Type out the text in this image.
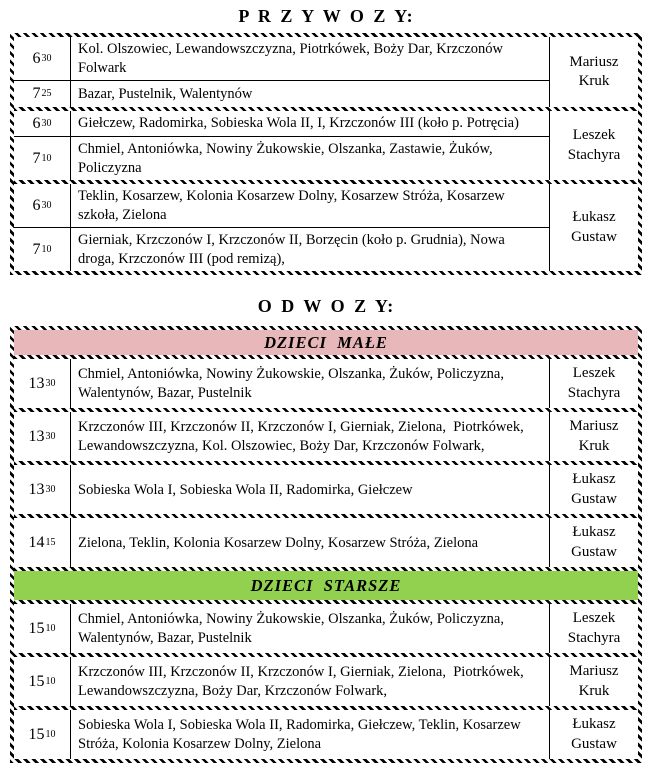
P R Z Y W O Z Y:
6 30
Kol. Olszowiec, Lewandowszczyzna, Piotrkówek, Boży Dar, Krzczonów Folwark	Mariusz Kruk
7 25 Bazar, Pustelnik, Walentynów
6 30 Giełczew, Radomirka, Sobieska Wola II, I, Krzczonów III (koło p. Potręcia)
Leszek Stachyra
7 10
Chmiel, Antoniówka, Nowiny Żukowskie, Olszanka, Zastawie, Żuków, Policzyzna
6 30
Teklin, Kosarzew, Kolonia Kosarzew Dolny, Kosarzew Stróża, Kosarzew szkoła, Zielona	Łukasz Gustaw
7 10
Gierniak, Krzczonów I, Krzczonów II, Borzęcin (koło p. Grudnia), Nowa droga, Krzczonów III (pod remizą),
O D W O Z Y:
DZIECI  MAŁE
13 30
Chmiel, Antoniówka, Nowiny Żukowskie, Olszanka, Żuków, Policzyzna, Walentynów, Bazar, Pustelnik
Leszek Stachyra
13 30
Krzczonów III, Krzczonów II, Krzczonów I, Gierniak, Zielona,  Piotrkówek, Lewandowszczyzna, Kol. Olszowiec, Boży Dar, Krzczonów Folwark,
Mariusz Kruk
13 30 Sobieska Wola I, Sobieska Wola II, Radomirka, Giełczew
Łukasz Gustaw
14 15 Zielona, Teklin, Kolonia Kosarzew Dolny, Kosarzew Stróża, Zielona
Łukasz Gustaw
DZIECI  STARSZE
15 10
Chmiel, Antoniówka, Nowiny Żukowskie, Olszanka, Żuków, Policzyzna, Walentynów, Bazar, Pustelnik
Leszek Stachyra
15 10
Krzczonów III, Krzczonów II, Krzczonów I, Gierniak, Zielona,  Piotrkówek, Lewandowszczyzna, Boży Dar, Krzczonów Folwark,
Mariusz Kruk
15 10
Sobieska Wola I, Sobieska Wola II, Radomirka, Giełczew, Teklin, Kosarzew Stróża, Kolonia Kosarzew Dolny, Zielona
Łukasz Gustaw
